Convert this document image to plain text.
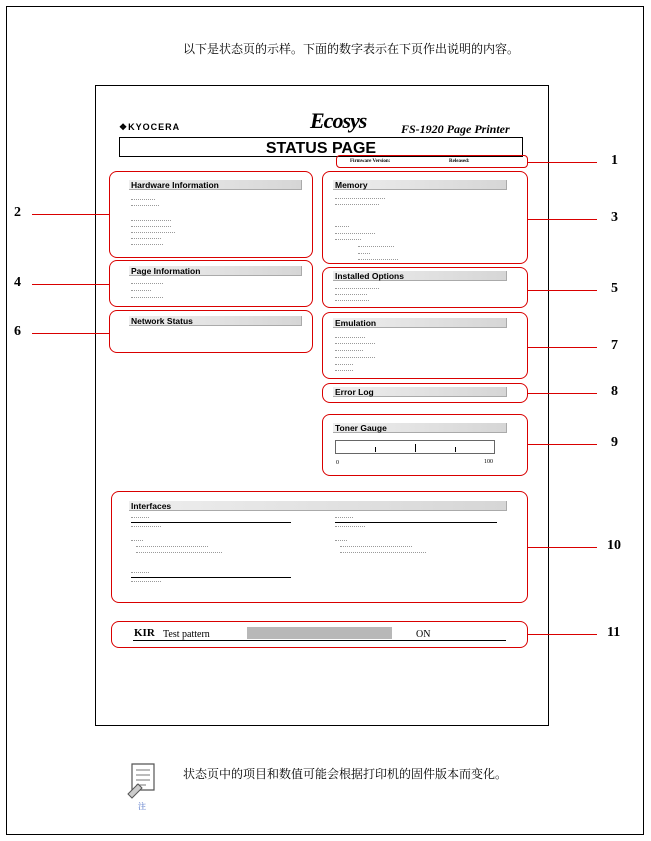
以下是状态页的示样。下面的数字表示在下页作出说明的内容。
❖KYOCERA	Ecosys	FS-1920 Page Printer
STATUS PAGE
Firmware Version:	Released:
Hardware Information	Memory
Page Information	Installed Options
Network Status	Emulation
Error Log
Toner Gauge
Interfaces
0	100
KIR Test pattern	ON
1
2	3
4	5
6
7
8
9
10
11
注
状态页中的项目和数值可能会根据打印机的固件版本而变化。
